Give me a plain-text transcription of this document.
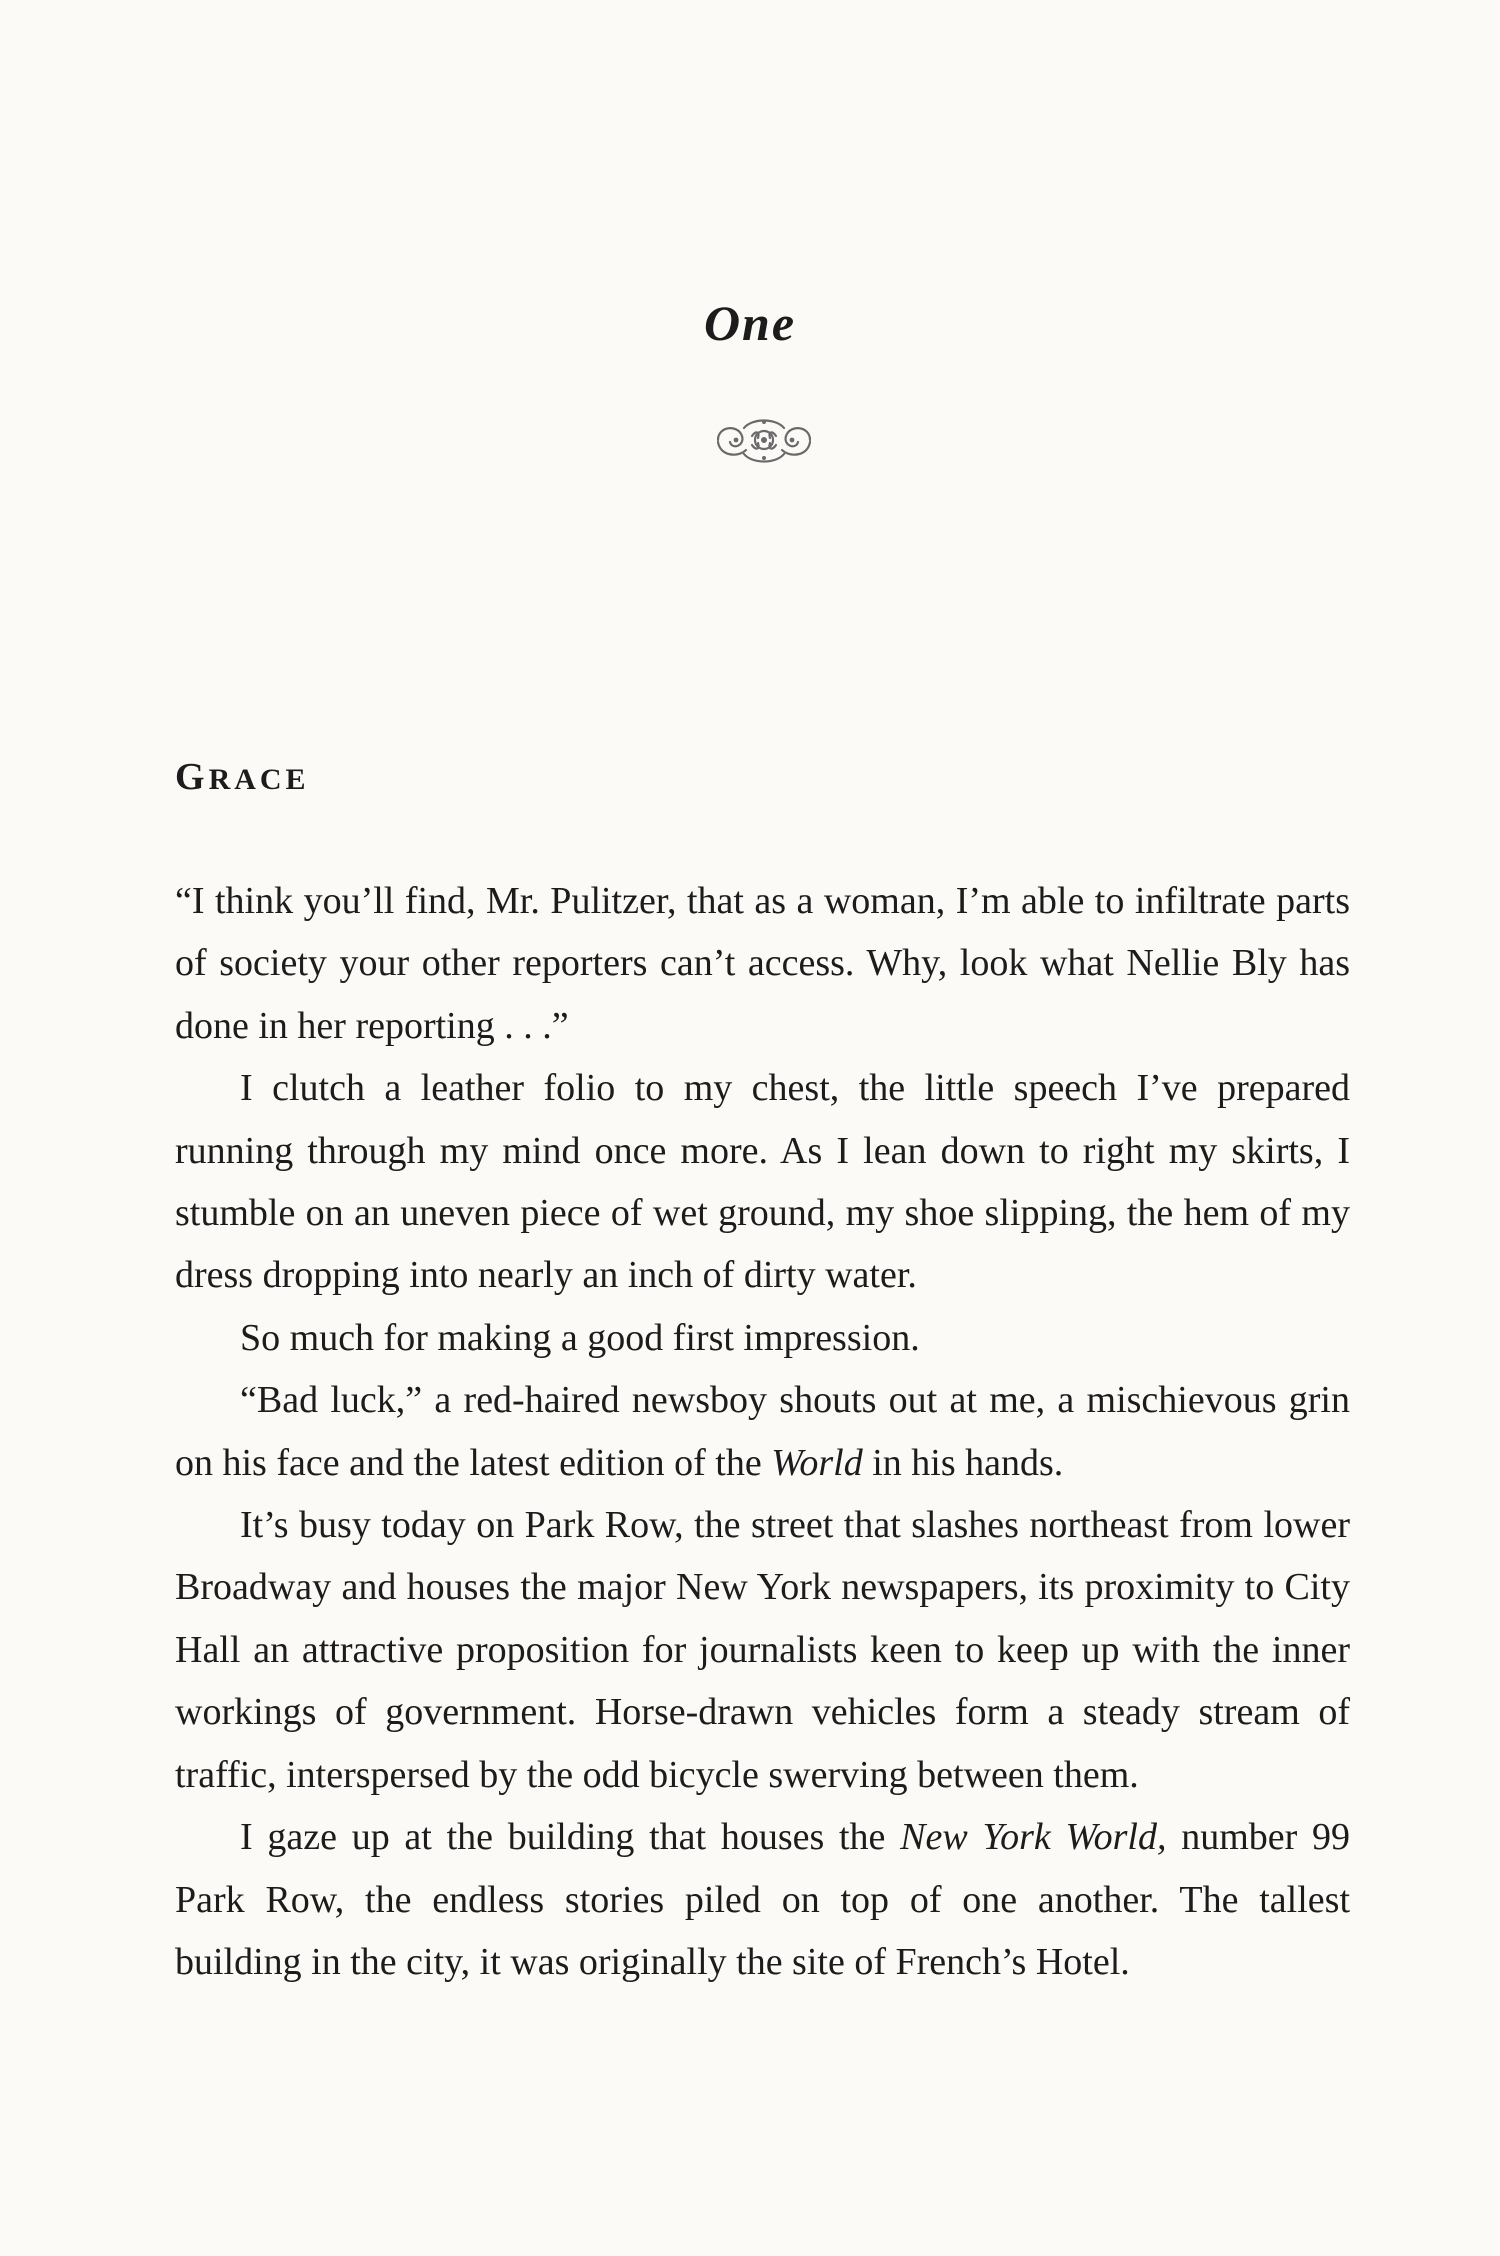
One
GRACE

“I think you’ll find, Mr. Pulitzer, that as a woman, I’m able to infiltrate parts of society your other reporters can’t access. Why, look what Nellie Bly has done in her reporting . . .”

I clutch a leather folio to my chest, the little speech I’ve prepared running through my mind once more. As I lean down to right my skirts, I stumble on an uneven piece of wet ground, my shoe slipping, the hem of my dress dropping into nearly an inch of dirty water.

So much for making a good first impression.

“Bad luck,” a red-haired newsboy shouts out at me, a mischievous grin on his face and the latest edition of the World in his hands.

It’s busy today on Park Row, the street that slashes northeast from lower Broadway and houses the major New York newspapers, its proximity to City Hall an attractive proposition for journalists keen to keep up with the inner workings of government. Horse-drawn vehicles form a steady stream of traffic, interspersed by the odd bicycle swerving between them.

I gaze up at the building that houses the New York World, number 99 Park Row, the endless stories piled on top of one another. The tallest building in the city, it was originally the site of French’s Hotel.
